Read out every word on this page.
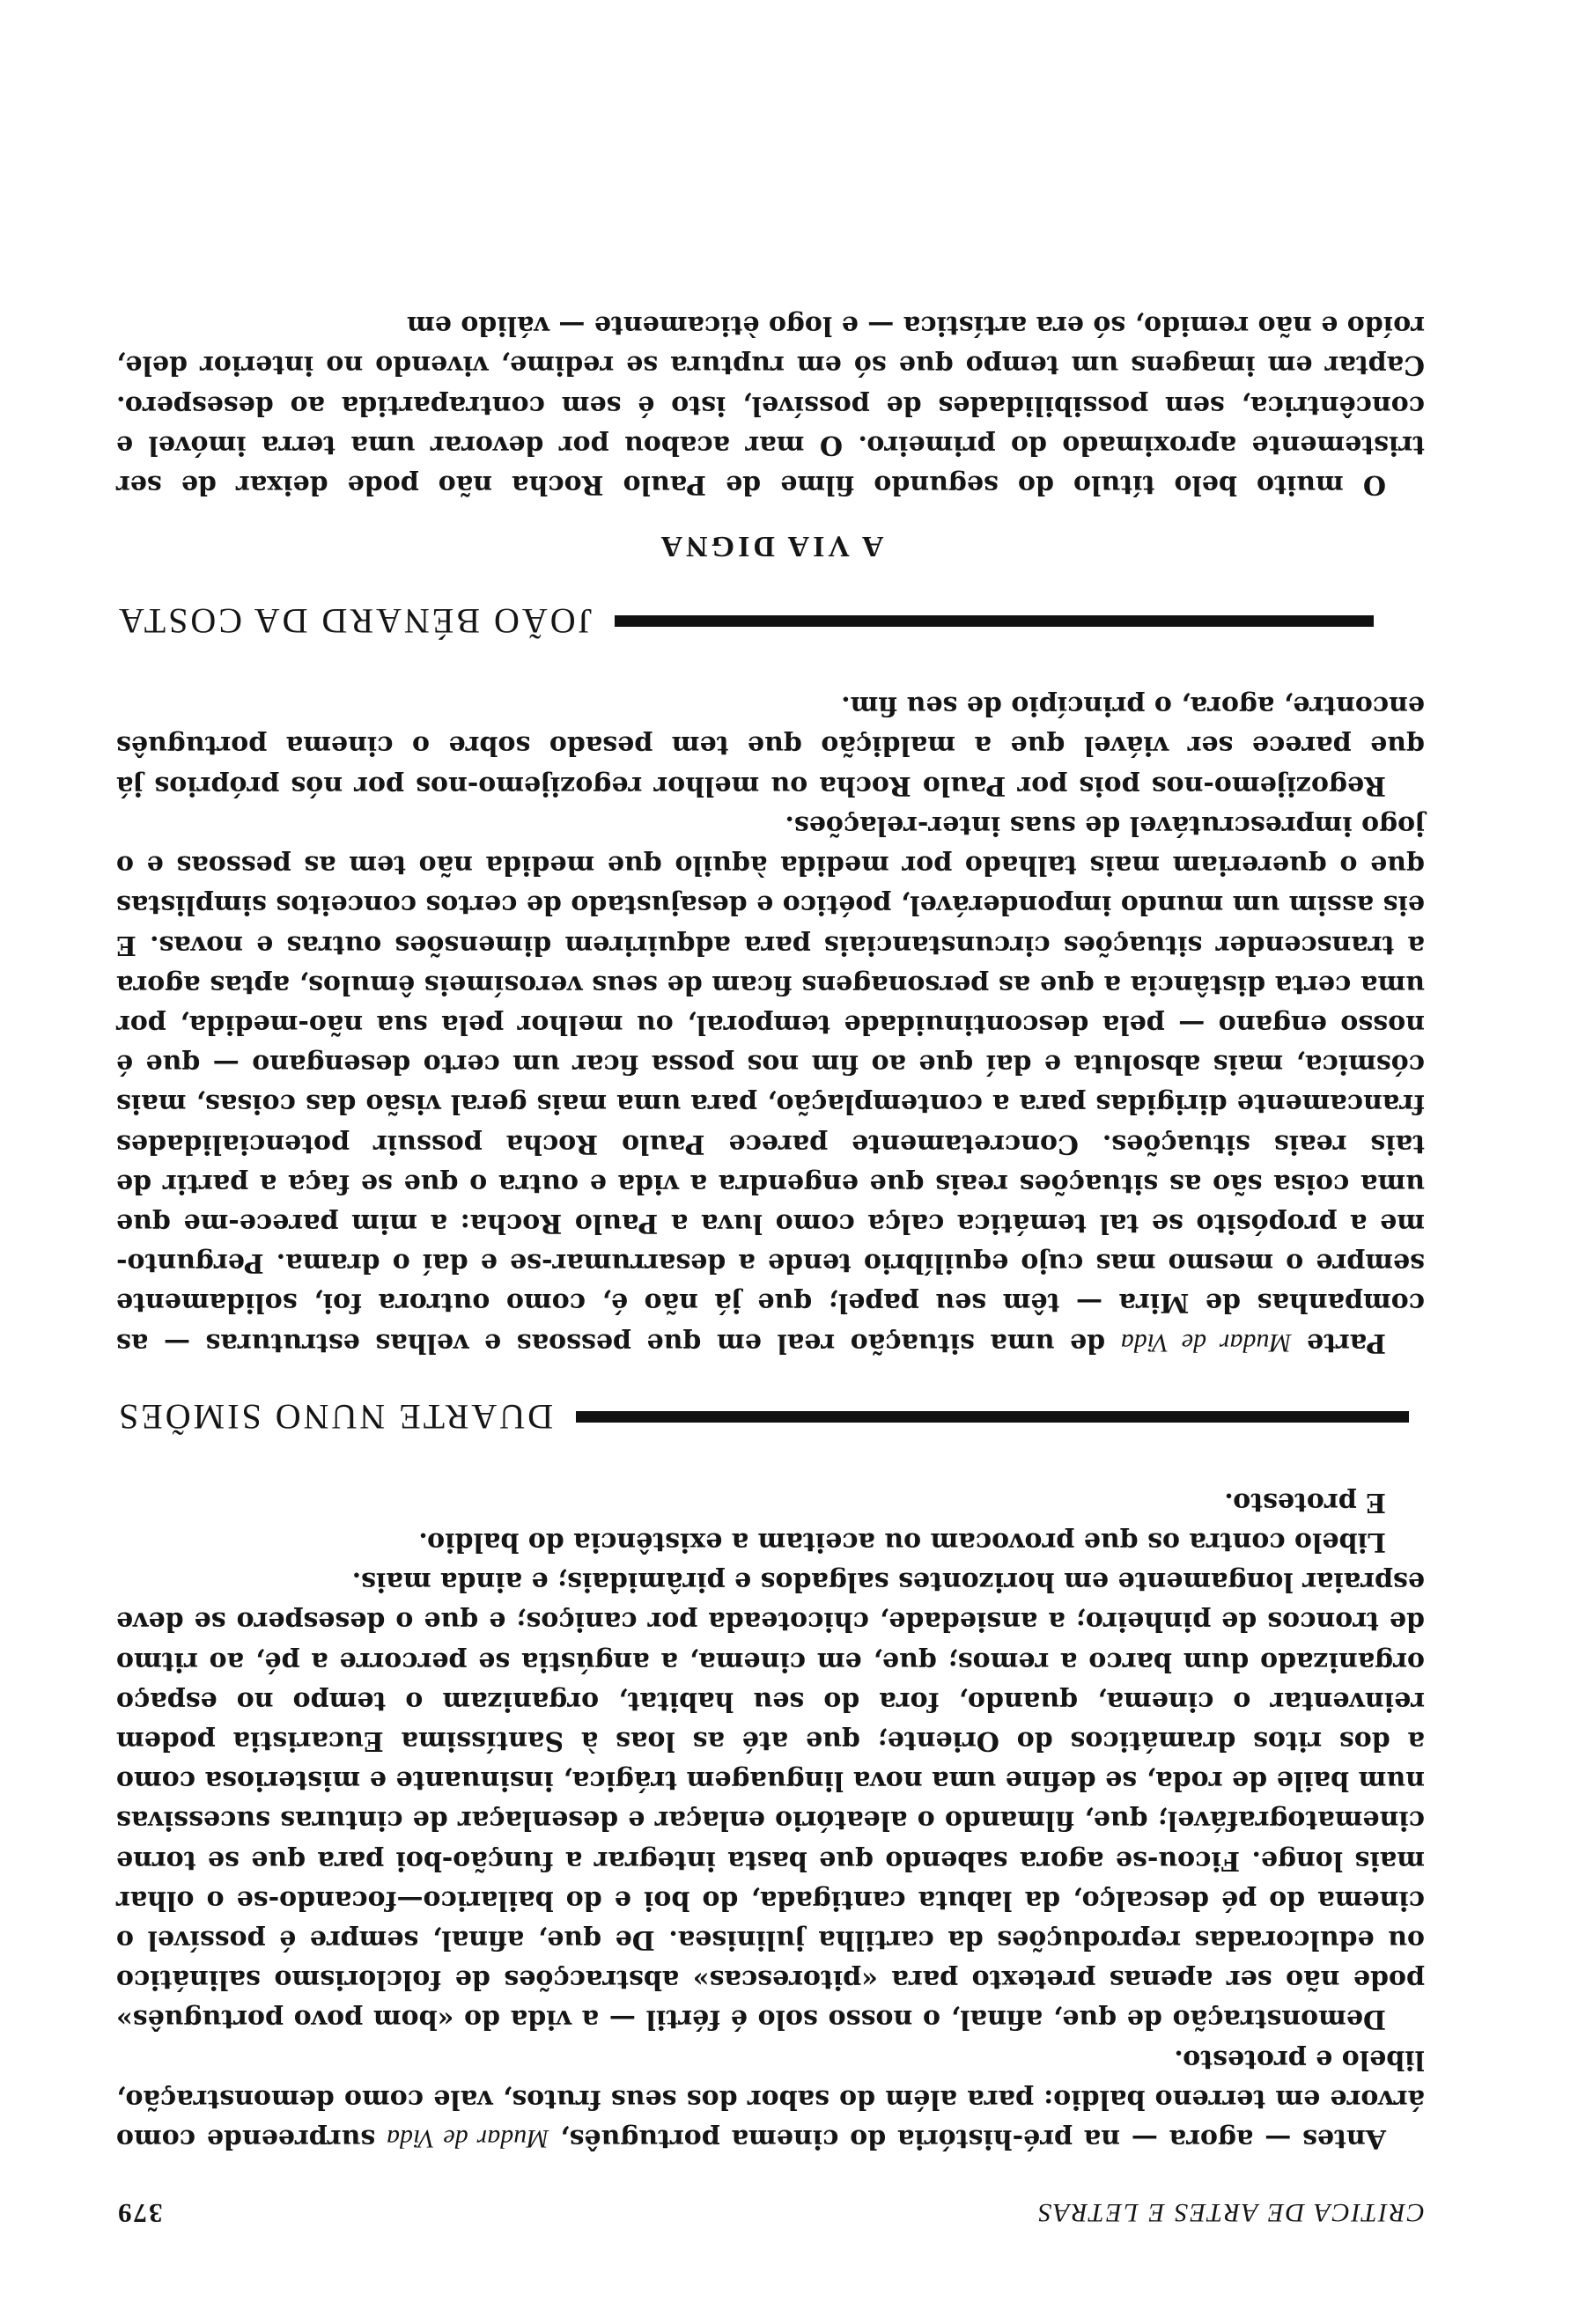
CRITICA DE ARTES E LETRAS
379

Antes — agora — na pré-história do cinema português, Mudar de Vida surpreende como árvore em terreno baldio: para além do sabor dos seus frutos, vale como demonstração, libelo e protesto.

Demonstração de que, afinal, o nosso solo é fértil — a vida do «bom povo português» pode não ser apenas pretexto para «pitorescas» abstracções de folclorismo salinático ou edulcoradas reproduções da cartilha juliniseа. De que, afinal, sempre é possível o cinema do pé descalço, da labuta cantigada, do boi e do bailarico—focando-se o olhar mais longe. Ficou-se agora sabendo que basta integrar a função-boi para que se torne cinematografável; que, filmando o aleatório enlaçar e desenlaçar de cinturas sucessivas num baile de roda, se define uma nova linguagem trágica, insinuante e misteriosa como a dos ritos dramáticos do Oriente; que até as loas à Santíssima Eucaristia podem reinventar o cinema, quando, fora do seu habitat, organizam o tempo no espaço organizado dum barco a remos; que, em cinema, a angústia se percorre a pé, ao ritmo de troncos de pinheiro; a ansiedade, chicoteada por caniços; e que o desespero se deve espraiar longamente em horizontes salgados e pirâmidais; e ainda mais.

Libelo contra os que provocam ou aceitam a existência do baldio.

E protesto.

DUARTE NUNO SIMÕES

Parte Mudar de Vida de uma situação real em que pessoas e velhas estruturas — as companhas de Mira — têm seu papel; que já não é, como outrora foi, solidamente sempre o mesmo mas cujo equilíbrio tende a desarrumar-se e daí o drama. Pergunto-me a propósito se tal temática calça como luva a Paulo Rocha: a mim parece-me que uma coisa são as situações reais que engendra a vida e outra o que se faça a partir de tais reais situações. Concretamente parece Paulo Rocha possuir potencialidades francamente dirigidas para a contemplação, para uma mais geral visão das coisas, mais cósmica, mais absoluta e daí que ao fim nos possa ficar um certo desengano — que é nosso engano — pela descontinuidade temporal, ou melhor pela sua não-medida, por uma certa distância a que as personagens ficam de seus verosímeis êmulos, aptas agora a transcender situações circunstanciais para adquirirem dimensões outras e novas. E eis assim um mundo imponderável, poético e desajustado de certos conceitos simplistas que o quereriam mais talhado por medida àquilo que medida não tem as pessoas e o jogo imprescrutável de suas inter-relações.

Regozijemo-nos pois por Paulo Rocha ou melhor regozijemo-nos por nós próprios já que parece ser viável que a maldição que tem pesado sobre o cinema português encontre, agora, o princípio de seu fim.

JOÃO BÉNARD DA COSTA
A VIA DIGNA

O muito belo título do segundo filme de Paulo Rocha não pode deixar de ser tristemente aproximado do primeiro. O mar acabou por devorar uma terra imóvel e concêntrica, sem possibilidades de possível, isto é sem contrapartida ao desespero. Captar em imagens um tempo que só em ruptura se redime, vivendo no interior dele, roído e não remido, só era artística — e logo èticamente — válido em
